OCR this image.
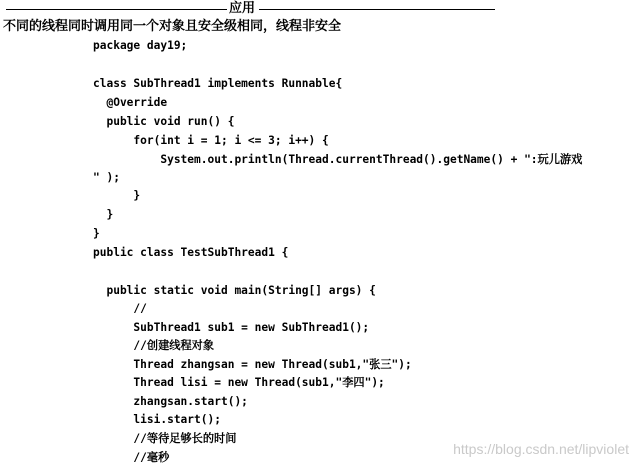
应用
不同的线程同时调用同一个对象且安全级相同，线程非安全
package day19;
class SubThread1 implements Runnable{
@Override
public void run() {
for(int i = 1; i <= 3; i++) {
System.out.println(Thread.currentThread().getName() + ":玩儿游戏
" );
}
}
}
public class TestSubThread1 {
public static void main(String[] args) {
//
SubThread1 sub1 = new SubThread1();
//创建线程对象
Thread zhangsan = new Thread(sub1,"张三");
Thread lisi = new Thread(sub1,"李四");
zhangsan.start();
lisi.start();
//等待足够长的时间
//毫秒
https://blog.csdn.net/lipviolet
